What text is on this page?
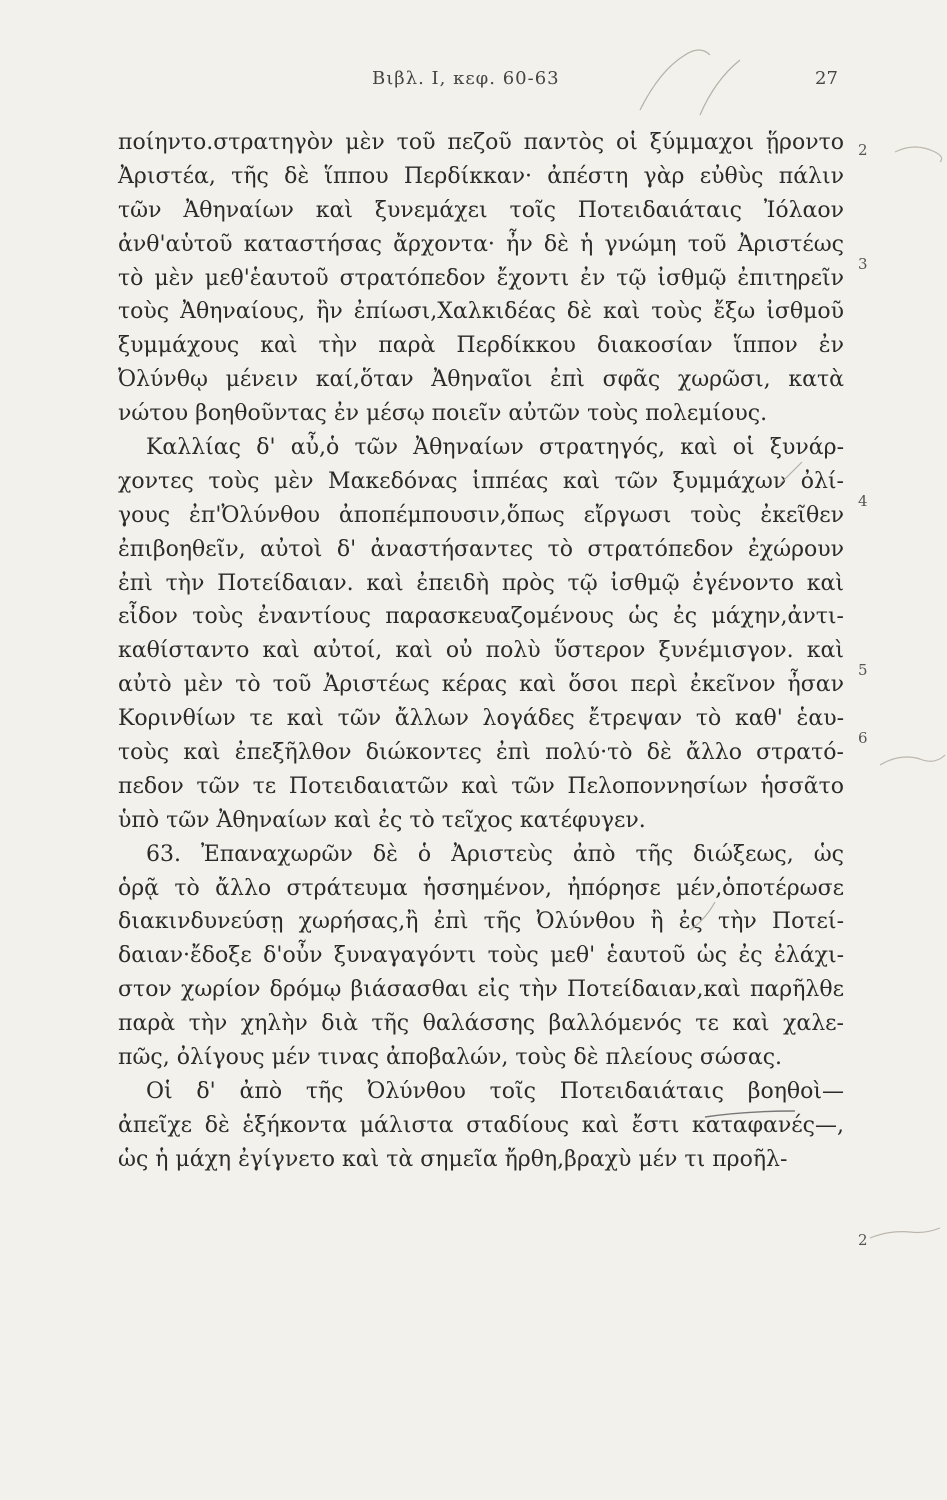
Βιβλ. Ι, κεφ. 60-63	27
ποίηντο.στρατηγὸν μὲν τοῦ πεζοῦ παντὸς οἱ ξύμμαχοι ᾕροντο
Ἀριστέα, τῆς δὲ ἵππου Περδίκκαν· ἀπέστη γὰρ εὐθὺς πάλιν
τῶν Ἀθηναίων καὶ ξυνεμάχει τοῖς Ποτειδαιάταις Ἰόλαον
ἀνθ'αὑτοῦ καταστήσας ἄρχοντα· ἦν δὲ ἡ γνώμη τοῦ Ἀριστέως
τὸ μὲν μεθ'ἑαυτοῦ στρατόπεδον ἔχοντι ἐν τῷ ἰσθμῷ ἐπιτηρεῖν
τοὺς Ἀθηναίους, ἢν ἐπίωσι,Χαλκιδέας δὲ καὶ τοὺς ἔξω ἰσθμοῦ
ξυμμάχους καὶ τὴν παρὰ Περδίκκου διακοσίαν ἵππον ἐν
Ὀλύνθῳ μένειν καί,ὅταν Ἀθηναῖοι ἐπὶ σφᾶς χωρῶσι, κατὰ
νώτου βοηθοῦντας ἐν μέσῳ ποιεῖν αὐτῶν τοὺς πολεμίους.
Καλλίας δ' αὖ,ὁ τῶν Ἀθηναίων στρατηγός, καὶ οἱ ξυνάρ-
χοντες τοὺς μὲν Μακεδόνας ἱππέας καὶ τῶν ξυμμάχων ὀλί-
γους ἐπ'Ὀλύνθου ἀποπέμπουσιν,ὅπως εἴργωσι τοὺς ἐκεῖθεν
ἐπιβοηθεῖν, αὐτοὶ δ' ἀναστήσαντες τὸ στρατόπεδον ἐχώρουν
ἐπὶ τὴν Ποτείδαιαν. καὶ ἐπειδὴ πρὸς τῷ ἰσθμῷ ἐγένοντο καὶ
εἶδον τοὺς ἐναντίους παρασκευαζομένους ὡς ἐς μάχην,ἀντι-
καθίσταντο καὶ αὐτοί, καὶ οὐ πολὺ ὕστερον ξυνέμισγον. καὶ
αὐτὸ μὲν τὸ τοῦ Ἀριστέως κέρας καὶ ὅσοι περὶ ἐκεῖνον ἦσαν
Κορινθίων τε καὶ τῶν ἄλλων λογάδες ἔτρεψαν τὸ καθ' ἑαυ-
τοὺς καὶ ἐπεξῆλθον διώκοντες ἐπὶ πολύ·τὸ δὲ ἄλλο στρατό-
πεδον τῶν τε Ποτειδαιατῶν καὶ τῶν Πελοποννησίων ἡσσᾶτο
ὑπὸ τῶν Ἀθηναίων καὶ ἐς τὸ τεῖχος κατέφυγεν.
63. Ἐπαναχωρῶν δὲ ὁ Ἀριστεὺς ἀπὸ τῆς διώξεως, ὡς
ὁρᾷ τὸ ἄλλο στράτευμα ἡσσημένον, ἠπόρησε μέν,ὁποτέρωσε
διακινδυνεύσῃ χωρήσας,ἢ ἐπὶ τῆς Ὀλύνθου ἢ ἐς τὴν Ποτεί-
δαιαν·ἔδοξε δ'οὖν ξυναγαγόντι τοὺς μεθ' ἑαυτοῦ ὡς ἐς ἐλάχι-
στον χωρίον δρόμῳ βιάσασθαι εἰς τὴν Ποτείδαιαν,καὶ παρῆλθε
παρὰ τὴν χηλὴν διὰ τῆς θαλάσσης βαλλόμενός τε καὶ χαλε-
πῶς, ὀλίγους μέν τινας ἀποβαλών, τοὺς δὲ πλείους σώσας.
Οἱ δ' ἀπὸ τῆς Ὀλύνθου τοῖς Ποτειδαιάταις βοηθοὶ—
ἀπεῖχε δὲ ἑξήκοντα μάλιστα σταδίους καὶ ἔστι καταφανές—,
ὡς ἡ μάχη ἐγίγνετο καὶ τὰ σημεῖα ἤρθη,βραχὺ μέν τι προῆλ-
2
3
4
5
6
2
